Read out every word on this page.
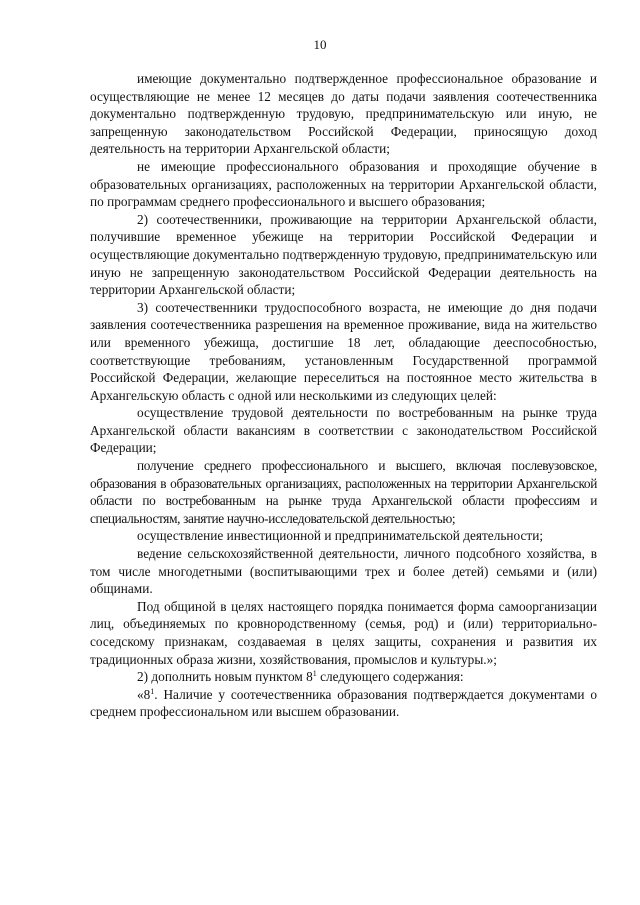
10

имеющие документально подтвержденное профессиональное образование и осуществляющие не менее 12 месяцев до даты подачи заявления соотечественника документально подтвержденную трудовую, предпринимательскую или иную, не запрещенную законодательством Российской Федерации, приносящую доход деятельность на территории Архангельской области;

не имеющие профессионального образования и проходящие обучение в образовательных организациях, расположенных на территории Архангельской области, по программам среднего профессионального и высшего образования;

2) соотечественники, проживающие на территории Архангельской области, получившие временное убежище на территории Российской Федерации и осуществляющие документально подтвержденную трудовую, предпринимательскую или иную не запрещенную законодательством Российской Федерации деятельность на территории Архангельской области;

3) соотечественники трудоспособного возраста, не имеющие до дня подачи заявления соотечественника разрешения на временное проживание, вида на жительство или временного убежища, достигшие 18 лет, обладающие дееспособностью, соответствующие требованиям, установленным Государственной программой Российской Федерации, желающие переселиться на постоянное место жительства в Архангельскую область с одной или несколькими из следующих целей:

осуществление трудовой деятельности по востребованным на рынке труда Архангельской области вакансиям в соответствии с законодательством Российской Федерации;

получение среднего профессионального и высшего, включая послевузовское, образования в образовательных организациях, расположенных на территории Архангельской области по востребованным на рынке труда Архангельской области профессиям и специальностям, занятие научно-исследовательской деятельностью;

осуществление инвестиционной и предпринимательской деятельности;

ведение сельскохозяйственной деятельности, личного подсобного хозяйства, в том числе многодетными (воспитывающими трех и более детей) семьями и (или) общинами.

Под общиной в целях настоящего порядка понимается форма самоорганизации лиц, объединяемых по кровнородственному (семья, род) и (или) территориально-соседскому признакам, создаваемая в целях защиты, сохранения и развития их традиционных образа жизни, хозяйствования, промыслов и культуры.»;

2) дополнить новым пунктом $8^1$ следующего содержания:

«$8^1$. Наличие у соотечественника образования подтверждается документами о среднем профессиональном или высшем образовании.
